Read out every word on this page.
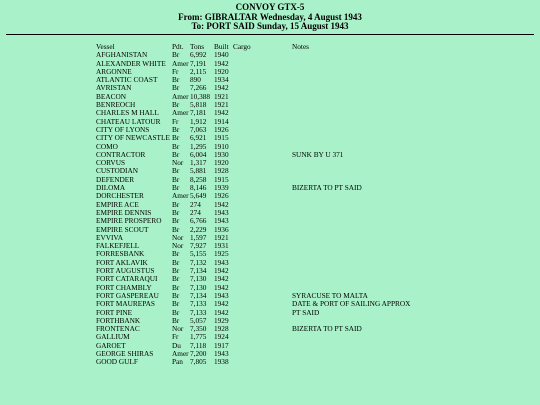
CONVOY GTX-5
From: GIBRALTAR Wednesday, 4 August 1943
To: PORT SAID Sunday, 15 August 1943
Vessel	Pdt. Tons Built Cargo	Notes
AFGHANISTAN	Br 6,992 1940
ALEXANDER WHITE Amer 7,191 1942
ARGONNE	Fr 2,115 1920
ATLANTIC COAST Br 890 1934
AVRISTAN	Br 7,266 1942
BEACON	Amer 10,388 1921
BENREOCH	Br 5,818 1921
CHARLES M HALL Amer 7,181 1942
CHATEAU LATOUR Fr 1,912 1914
CITY OF LYONS	Br 7,063 1926
CITY OF NEWCASTLE Br 6,921 1915
COMO	Br 1,295 1910
CONTRACTOR	Br 6,004 1930	SUNK BY U 371
CORVUS	Nor 1,317 1920
CUSTODIAN	Br 5,881 1928
DEFENDER	Br 8,258 1915
DILOMA	Br 8,146 1939	BIZERTA TO PT SAID
DORCHESTER	Amer 5,649 1926
EMPIRE ACE	Br 274 1942
EMPIRE DENNIS	Br 274 1943
EMPIRE PROSPERO Br 6,766 1943
EMPIRE SCOUT	Br 2,229 1936
EVVIVA	Nor 1,597 1921
FALKEFJELL	Nor 7,927 1931
FORRESBANK	Br 5,155 1925
FORT AKLAVIK	Br 7,132 1943
FORT AUGUSTUS Br 7,134 1942
FORT CATARAQUI Br 7,130 1942
FORT CHAMBLY	Br 7,130 1942
FORT GASPEREAU Br 7,134 1943	SYRACUSE TO MALTA
FORT MAUREPAS Br 7,133 1942	DATE & PORT OF SAILING APPROX
FORT PINE	Br 7,133 1942	PT SAID
FORTHBANK	Br 5,057 1929
FRONTENAC	Nor 7,350 1928	BIZERTA TO PT SAID
GALLIUM	Fr 1,775 1924
GAROET	Du 7,118 1917
GEORGE SHIRAS	Amer 7,200 1943
GOOD GULF	Pan 7,805 1938
